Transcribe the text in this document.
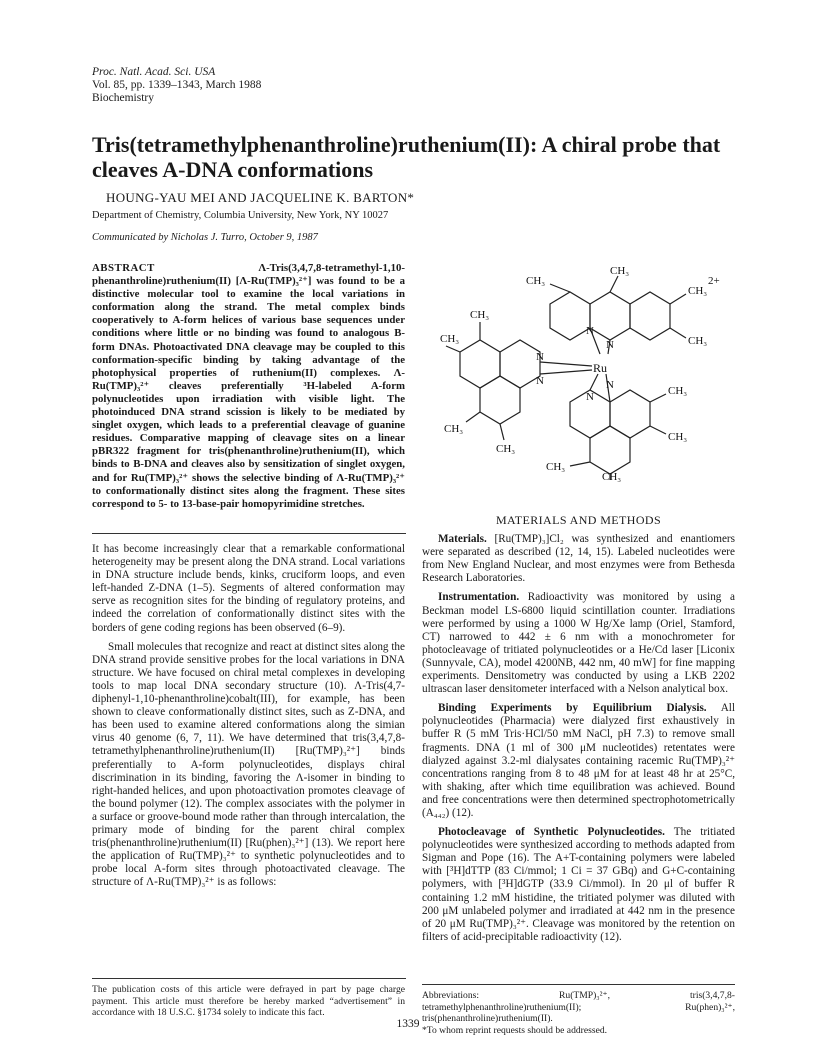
Proc. Natl. Acad. Sci. USA
Vol. 85, pp. 1339–1343, March 1988
Biochemistry
Tris(tetramethylphenanthroline)ruthenium(II): A chiral probe that cleaves A-DNA conformations
HOUNG-YAU MEI AND JACQUELINE K. BARTON*
Department of Chemistry, Columbia University, New York, NY 10027
Communicated by Nicholas J. Turro, October 9, 1987
ABSTRACT	Λ-Tris(3,4,7,8-tetramethyl-1,10-phenanthroline)ruthenium(II) [Λ-Ru(TMP)₃²⁺] was found to be a distinctive molecular tool to examine the local variations in conformation along the strand. The metal complex binds cooperatively to A-form helices of various base sequences under conditions where little or no binding was found to analogous B-form DNAs. Photoactivated DNA cleavage may be coupled to this conformation-specific binding by taking advantage of the photophysical properties of ruthenium(II) complexes. Λ-Ru(TMP)₃²⁺ cleaves preferentially ³H-labeled A-form polynucleotides upon irradiation with visible light. The photoinduced DNA strand scission is likely to be mediated by singlet oxygen, which leads to a preferential cleavage of guanine residues. Comparative mapping of cleavage sites on a linear pBR322 fragment for tris(phenanthroline)ruthenium(II), which binds to B-DNA and cleaves also by sensitization of singlet oxygen, and for Ru(TMP)₃²⁺ shows the selective binding of Λ-Ru(TMP)₃²⁺ to conformationally distinct sites along the fragment. These sites correspond to 5- to 13-base-pair homopyrimidine stretches.

It has become increasingly clear that a remarkable conformational heterogeneity may be present along the DNA strand. Local variations in DNA structure include bends, kinks, cruciform loops, and even left-handed Z-DNA (1–5). Segments of altered conformation may serve as recognition sites for the binding of regulatory proteins, and indeed the correlation of conformationally distinct sites with the borders of gene coding regions has been observed (6–9).

Small molecules that recognize and react at distinct sites along the DNA strand provide sensitive probes for the local variations in DNA structure. We have focused on chiral metal complexes in developing tools to map local DNA secondary structure (10). Λ-Tris(4,7-diphenyl-1,10-phenanthroline)cobalt(III), for example, has been shown to cleave conformationally distinct sites, such as Z-DNA, and has been used to examine altered conformations along the simian virus 40 genome (6, 7, 11). We have determined that tris(3,4,7,8-tetramethylphenanthroline)ruthenium(II) [Ru(TMP)₃²⁺] binds preferentially to A-form polynucleotides, displays chiral discrimination in its binding, favoring the Λ-isomer in binding to right-handed helices, and upon photoactivation promotes cleavage of the bound polymer (12). The complex associates with the polymer in a surface or groove-bound mode rather than through intercalation, the primary mode of binding for the parent chiral complex tris(phenanthroline)ruthenium(II) [Ru(phen)₃²⁺] (13). We report here the application of Ru(TMP)₃²⁺ to synthetic polynucleotides and to probe local A-form sites through photoactivated cleavage. The structure of Λ-Ru(TMP)₃²⁺ is as follows:

The publication costs of this article were defrayed in part by page charge payment. This article must therefore be hereby marked “advertisement” in accordance with 18 U.S.C. §1734 solely to indicate this fact.
2+
Ru
N
N
N
N
N
N
CH₃
CH₃
CH₃
CH₃
CH₃
CH₃
CH₃
CH₃
CH₃
CH₃
CH₃
CH₃
MATERIALS AND METHODS

Materials. [Ru(TMP)₃]Cl₂ was synthesized and enantiomers were separated as described (12, 14, 15). Labeled nucleotides were from New England Nuclear, and most enzymes were from Bethesda Research Laboratories.

Instrumentation. Radioactivity was monitored by using a Beckman model LS-6800 liquid scintillation counter. Irradiations were performed by using a 1000 W Hg/Xe lamp (Oriel, Stamford, CT) narrowed to 442 ± 6 nm with a monochrometer for photocleavage of tritiated polynucleotides or a He/Cd laser [Liconix (Sunnyvale, CA), model 4200NB, 442 nm, 40 mW] for fine mapping experiments. Densitometry was conducted by using a LKB 2202 ultrascan laser densitometer interfaced with a Nelson analytical box.

Binding Experiments by Equilibrium Dialysis. All polynucleotides (Pharmacia) were dialyzed first exhaustively in buffer R (5 mM Tris·HCl/50 mM NaCl, pH 7.3) to remove small fragments. DNA (1 ml of 300 μM nucleotides) retentates were dialyzed against 3.2-ml dialysates containing racemic Ru(TMP)₃²⁺ concentrations ranging from 8 to 48 μM for at least 48 hr at 25°C, with shaking, after which time equilibration was achieved. Bound and free concentrations were then determined spectrophotometrically (A₄₄₂) (12).

Photocleavage of Synthetic Polynucleotides. The tritiated polynucleotides were synthesized according to methods adapted from Sigman and Pope (16). The A+T-containing polymers were labeled with [³H]dTTP (83 Ci/mmol; 1 Ci = 37 GBq) and G+C-containing polymers, with [³H]dGTP (33.9 Ci/mmol). In 20 μl of buffer R containing 1.2 mM histidine, the tritiated polymer was diluted with 200 μM unlabeled polymer and irradiated at 442 nm in the presence of 20 μM Ru(TMP)₃²⁺. Cleavage was monitored by the retention on filters of acid-precipitable radioactivity (12).

Abbreviations: Ru(TMP)₃²⁺, tris(3,4,7,8-tetramethylphenanthroline)ruthenium(II); Ru(phen)₃²⁺, tris(phenanthroline)ruthenium(II).
*To whom reprint requests should be addressed.
1339
